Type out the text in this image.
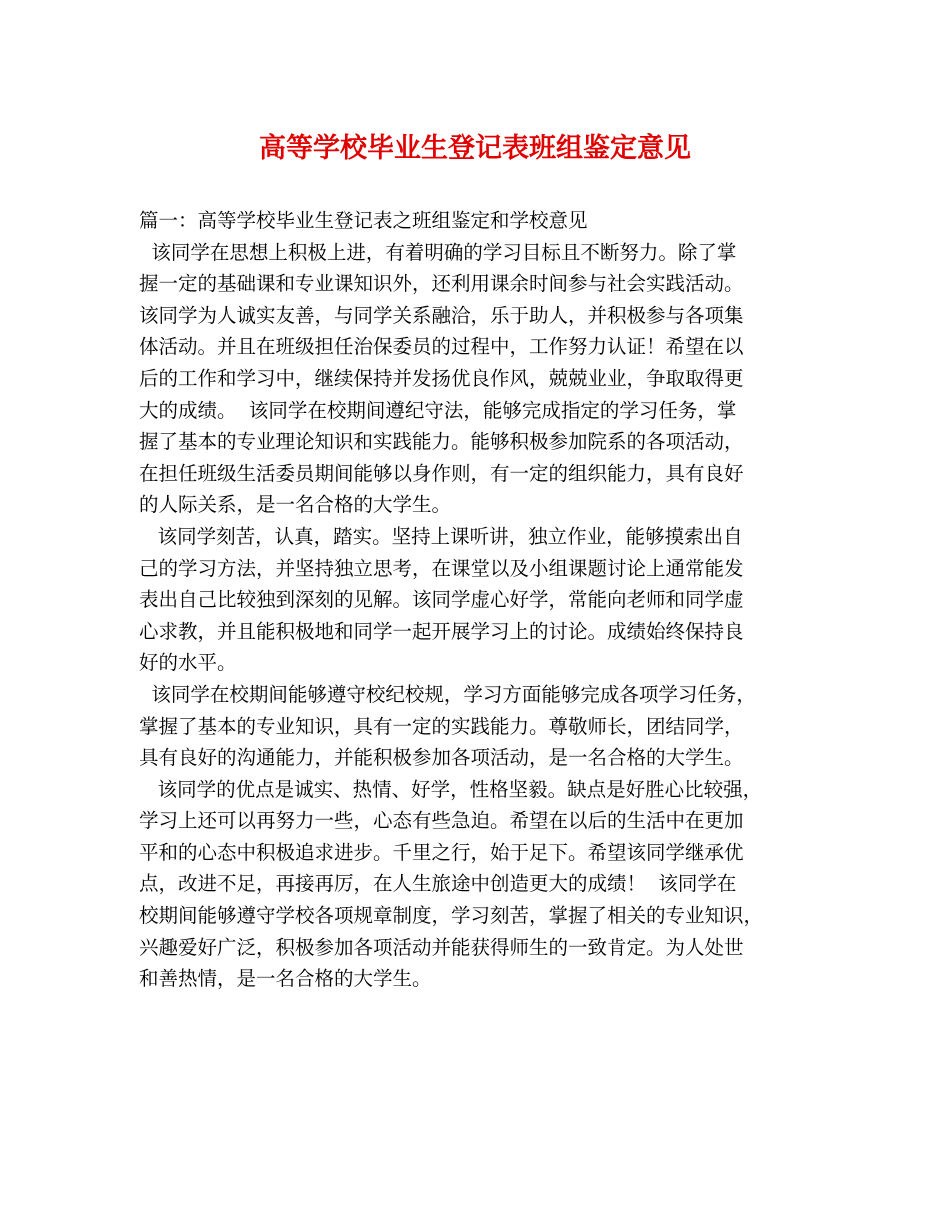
高等学校毕业生登记表班组鉴定意见
篇一：高等学校毕业生登记表之班组鉴定和学校意见
该同学在思想上积极上进，有着明确的学习目标且不断努力。除了掌
握一定的基础课和专业课知识外，还利用课余时间参与社会实践活动。
该同学为人诚实友善，与同学关系融洽，乐于助人，并积极参与各项集
体活动。并且在班级担任治保委员的过程中，工作努力认证！希望在以
后的工作和学习中，继续保持并发扬优良作风，兢兢业业，争取取得更
大的成绩。  该同学在校期间遵纪守法，能够完成指定的学习任务，掌
握了基本的专业理论知识和实践能力。能够积极参加院系的各项活动，
在担任班级生活委员期间能够以身作则，有一定的组织能力，具有良好
的人际关系，是一名合格的大学生。
该同学刻苦，认真，踏实。坚持上课听讲，独立作业，能够摸索出自
己的学习方法，并坚持独立思考，在课堂以及小组课题讨论上通常能发
表出自己比较独到深刻的见解。该同学虚心好学，常能向老师和同学虚
心求教，并且能积极地和同学一起开展学习上的讨论。成绩始终保持良
好的水平。
该同学在校期间能够遵守校纪校规，学习方面能够完成各项学习任务，
掌握了基本的专业知识，具有一定的实践能力。尊敬师长，团结同学，
具有良好的沟通能力，并能积极参加各项活动，是一名合格的大学生。
该同学的优点是诚实、热情、好学，性格坚毅。缺点是好胜心比较强，
学习上还可以再努力一些，心态有些急迫。希望在以后的生活中在更加
平和的心态中积极追求进步。千里之行，始于足下。希望该同学继承优
点，改进不足，再接再厉，在人生旅途中创造更大的成绩！  该同学在
校期间能够遵守学校各项规章制度，学习刻苦，掌握了相关的专业知识，
兴趣爱好广泛，积极参加各项活动并能获得师生的一致肯定。为人处世
和善热情，是一名合格的大学生。
